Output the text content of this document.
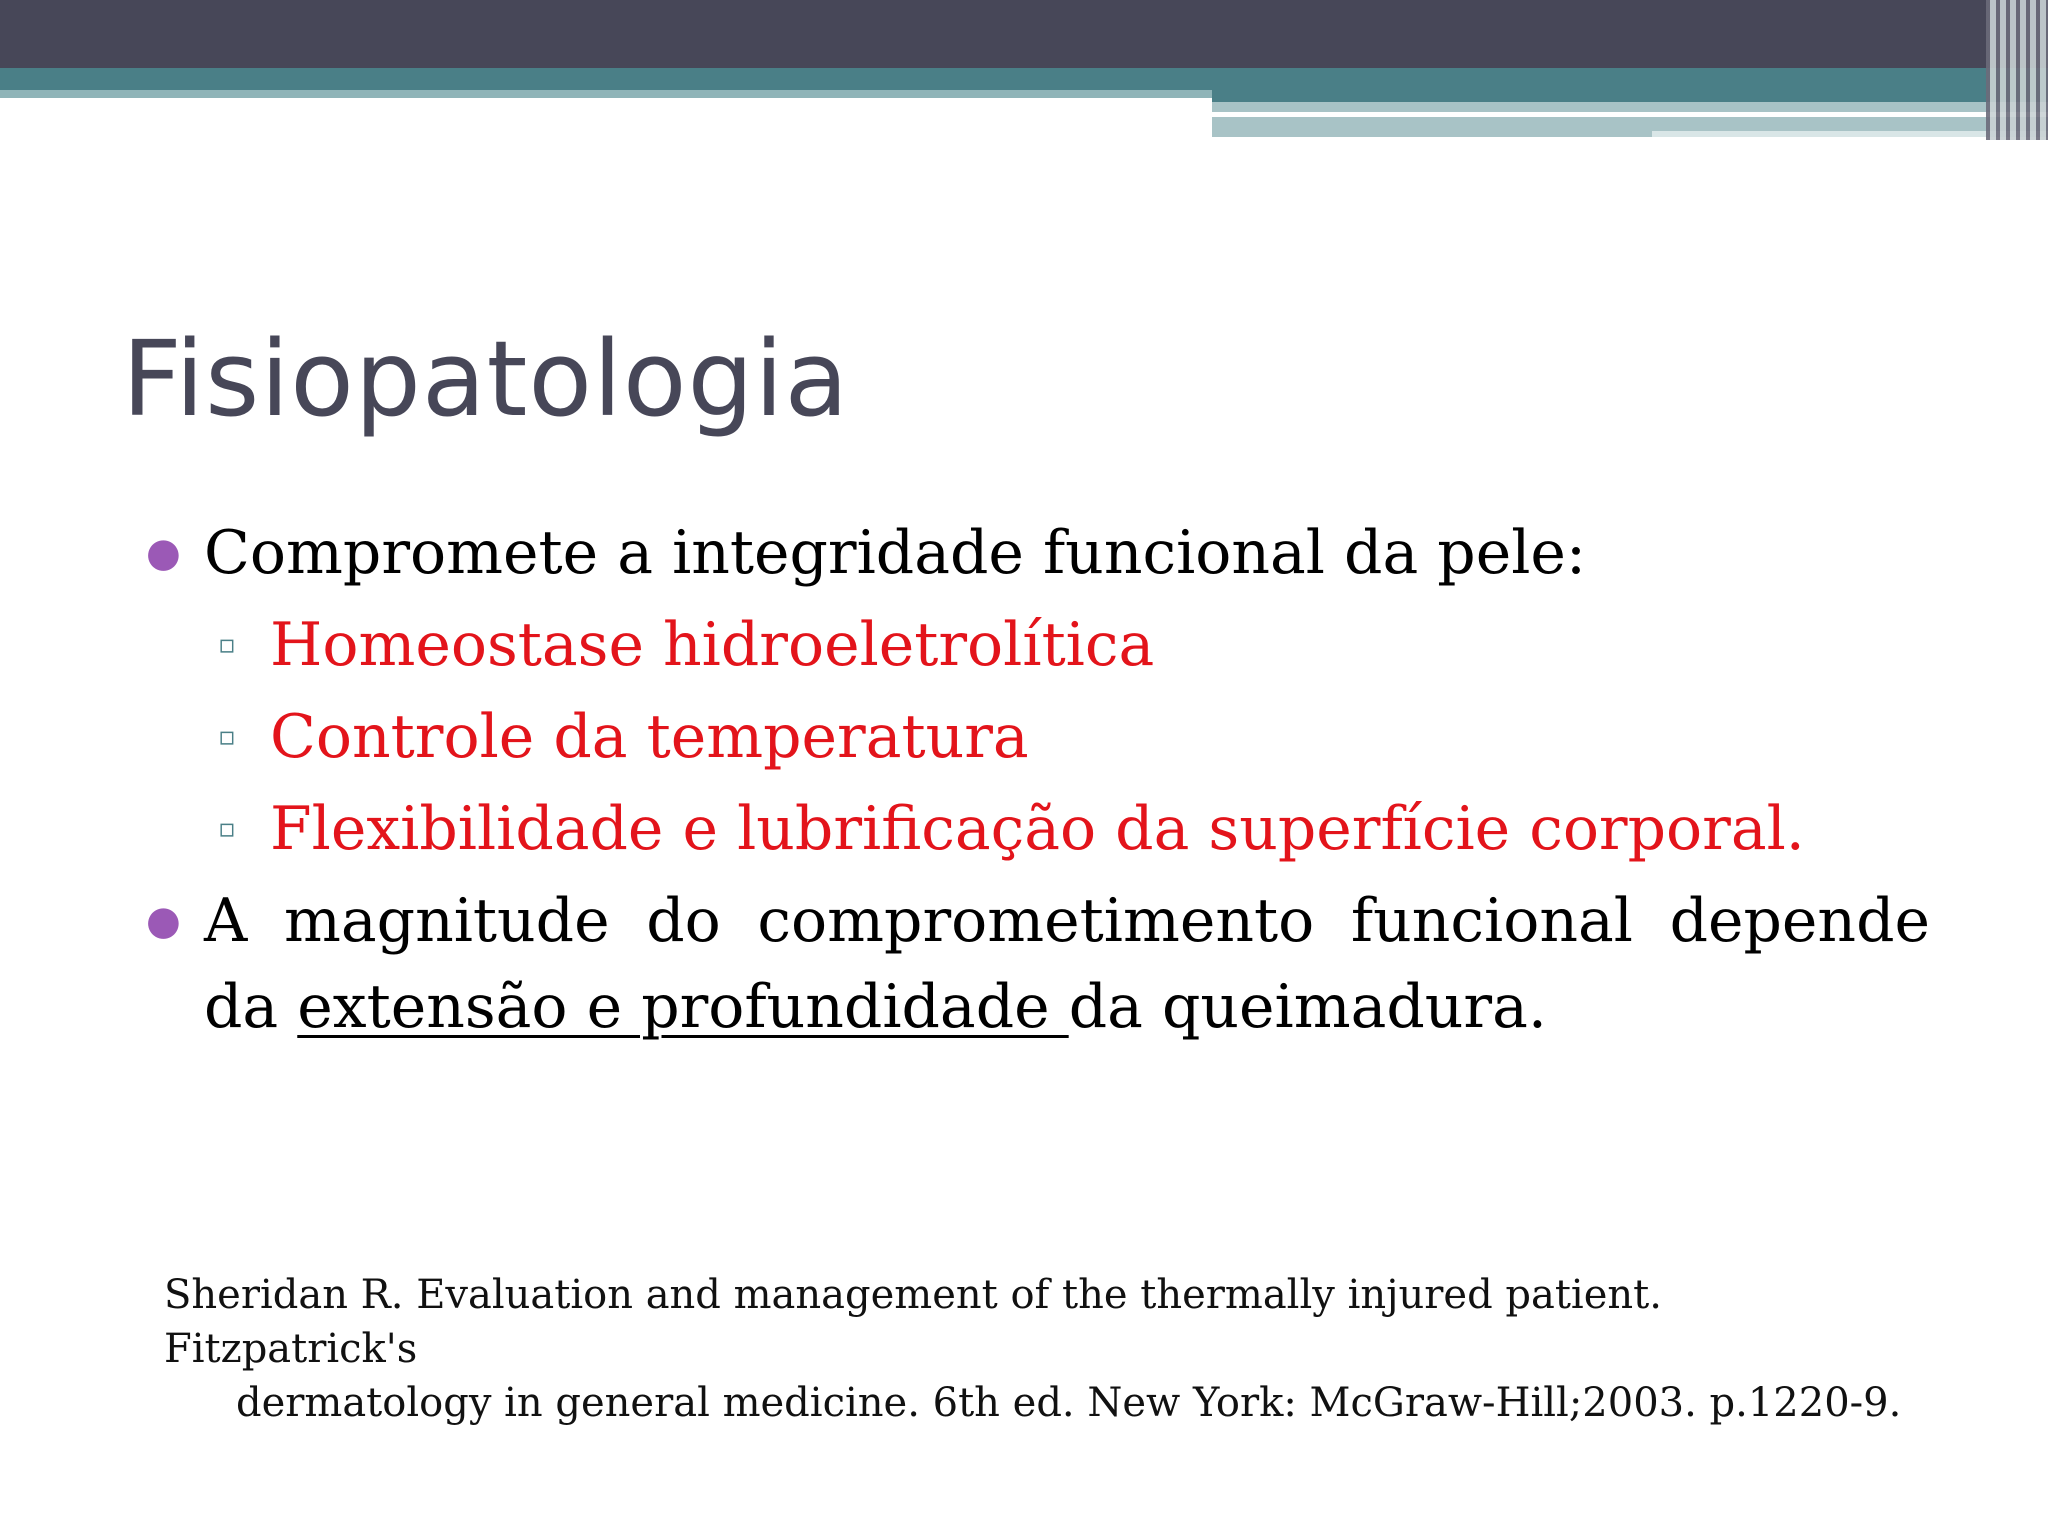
Fisiopatologia

● Compromete a integridade funcional da pele:

▫ Homeostase hidroeletrolítica

▫ Controle da temperatura

▫ Flexibilidade e lubrificação da superfície corporal.

● A magnitude do comprometimento funcional depende da extensão e profundidade da queimadura.

Sheridan R. Evaluation and management of the thermally injured patient. Fitzpatrick's
dermatology in general medicine. 6th ed. New York: McGraw-Hill;2003. p.1220-9.
